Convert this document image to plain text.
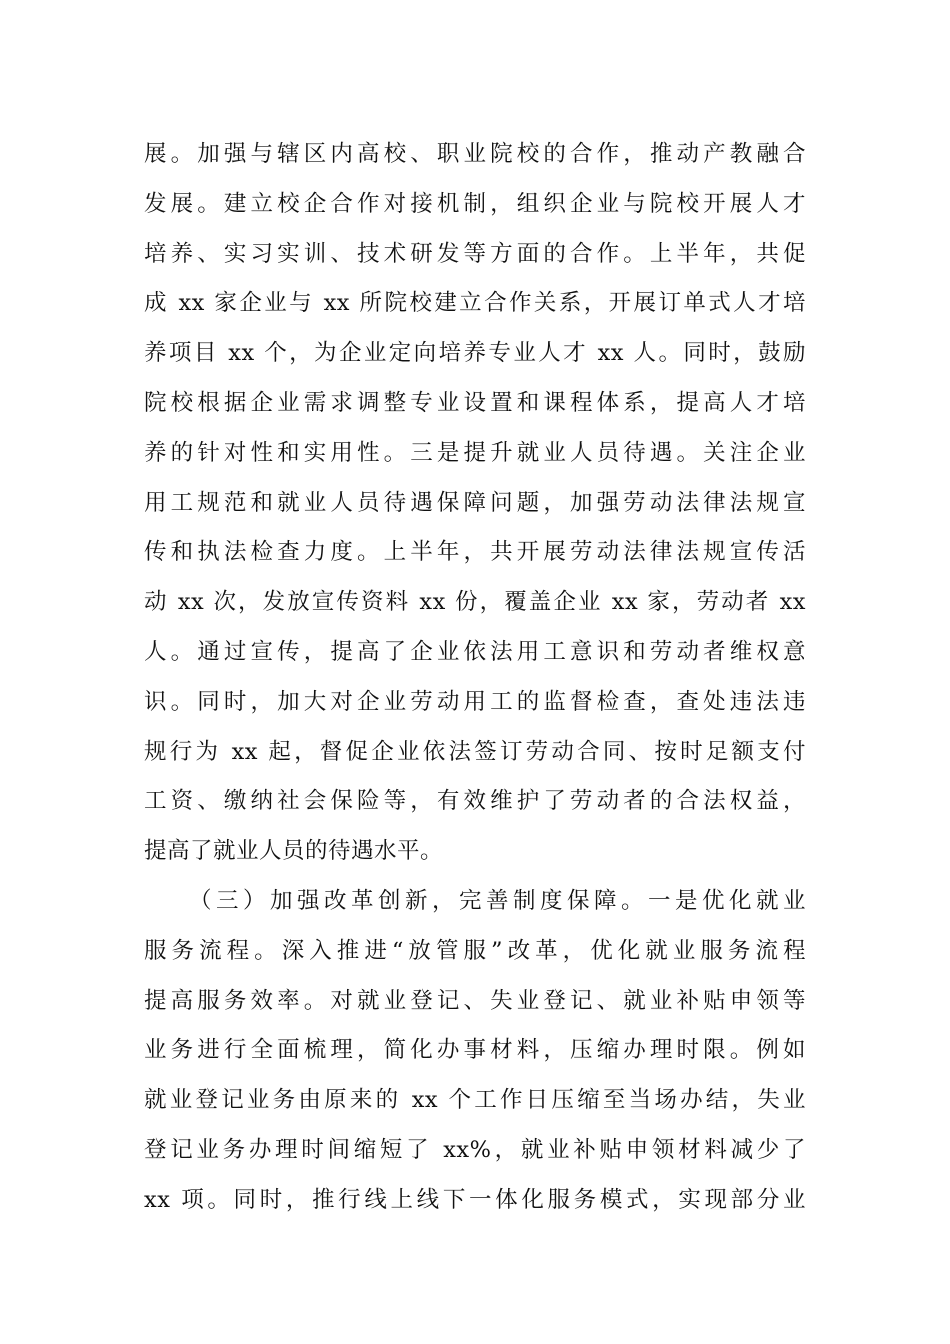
展。加强与辖区内高校、职业院校的合作，推动产教融合
发展。建立校企合作对接机制，组织企业与院校开展人才
培养、实习实训、技术研发等方面的合作。上半年，共促
成 xx 家企业与 xx 所院校建立合作关系，开展订单式人才培
养项目 xx 个，为企业定向培养专业人才 xx 人。同时，鼓励
院校根据企业需求调整专业设置和课程体系，提高人才培
养的针对性和实用性。三是提升就业人员待遇。关注企业
用工规范和就业人员待遇保障问题，加强劳动法律法规宣
传和执法检查力度。上半年，共开展劳动法律法规宣传活
动 xx 次，发放宣传资料 xx 份，覆盖企业 xx 家，劳动者 xx
人。通过宣传，提高了企业依法用工意识和劳动者维权意
识。同时，加大对企业劳动用工的监督检查，查处违法违
规行为 xx 起，督促企业依法签订劳动合同、按时足额支付
工资、缴纳社会保险等，有效维护了劳动者的合法权益，
提高了就业人员的待遇水平。
（三）加强改革创新，完善制度保障。一是优化就业
服务流程。深入推进“放管服”改革，优化就业服务流程
提高服务效率。对就业登记、失业登记、就业补贴申领等
业务进行全面梳理，简化办事材料，压缩办理时限。例如
就业登记业务由原来的 xx 个工作日压缩至当场办结，失业
登记业务办理时间缩短了 xx%，就业补贴申领材料减少了
xx 项。同时，推行线上线下一体化服务模式，实现部分业
